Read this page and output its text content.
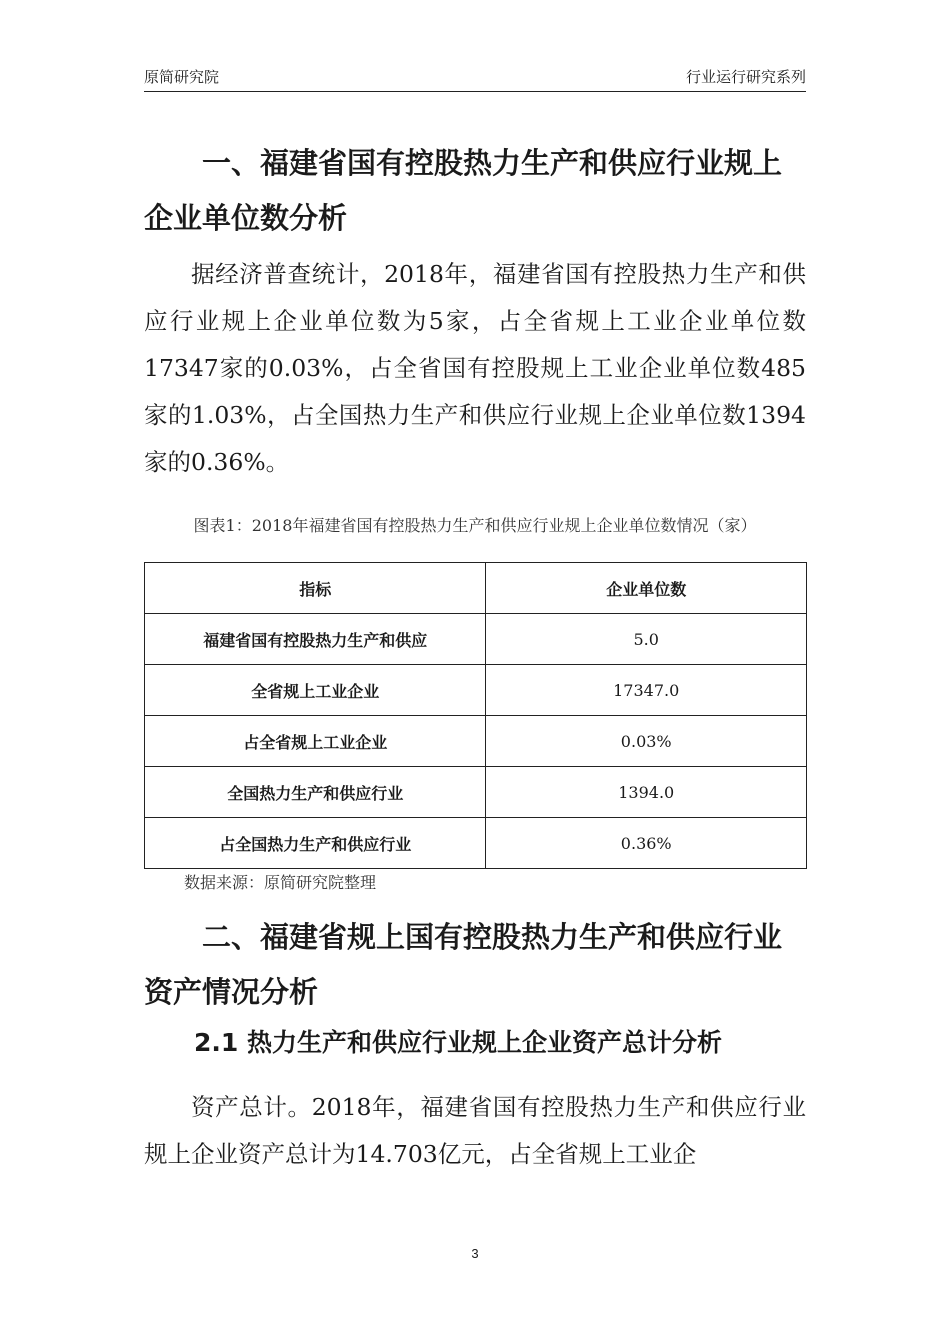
原简研究院	行业运行研究系列
一、福建省国有控股热力生产和供应行业规上企业单位数分析

据经济普查统计，2018年，福建省国有控股热力生产和供应行业规上企业单位数为5家，占全省规上工业企业单位数17347家的0.03%，占全省国有控股规上工业企业单位数485家的1.03%，占全国热力生产和供应行业规上企业单位数1394家的0.36%。

图表1：2018年福建省国有控股热力生产和供应行业规上企业单位数情况（家）
指标	企业单位数
福建省国有控股热力生产和供应	5.0
全省规上工业企业	17347.0
占全省规上工业企业	0.03%
全国热力生产和供应行业	1394.0
占全国热力生产和供应行业	0.36%
数据来源：原简研究院整理
二、福建省规上国有控股热力生产和供应行业资产情况分析
2.1 热力生产和供应行业规上企业资产总计分析

资产总计。2018年，福建省国有控股热力生产和供应行业规上企业资产总计为14.703亿元，占全省规上工业企

3
